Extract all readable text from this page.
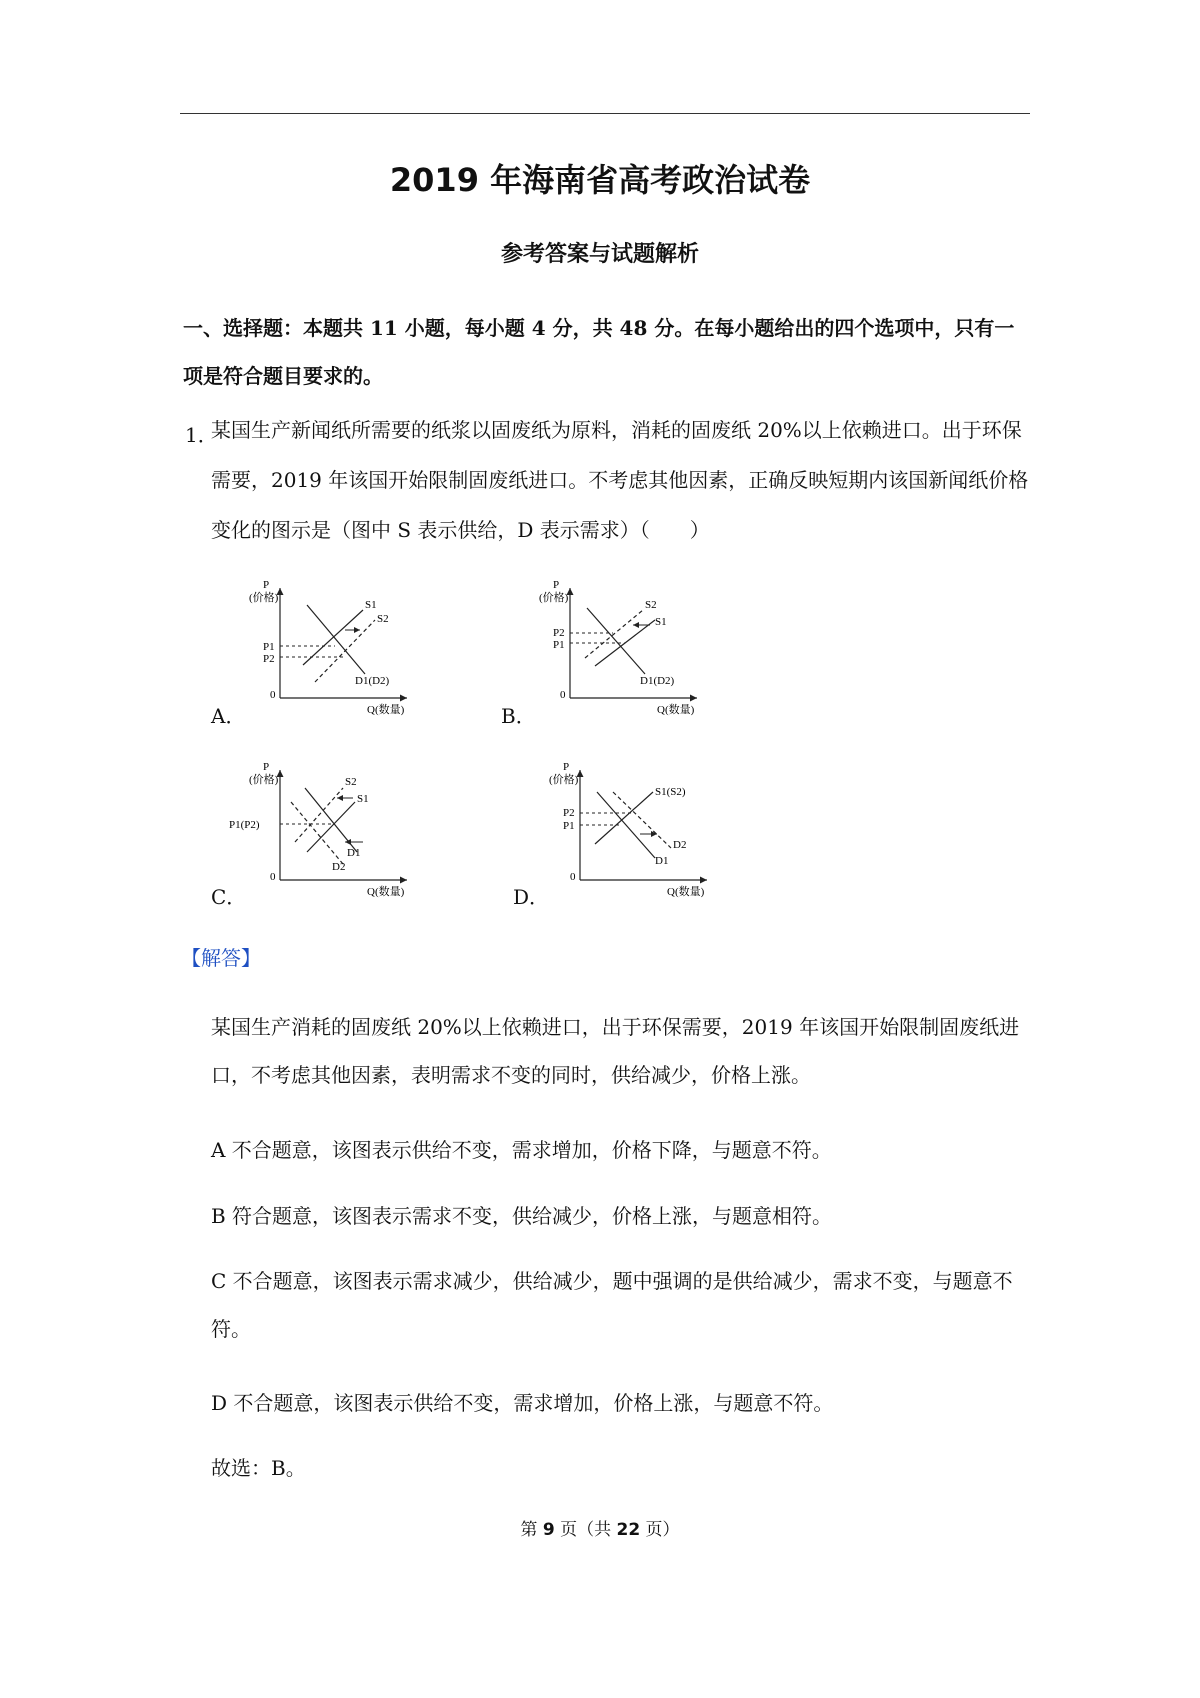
2019 年海南省高考政治试卷
参考答案与试题解析
一、选择题：本题共 11 小题，每小题 4 分，共 48 分。在每小题给出的四个选项中，只有一项是符合题目要求的。
1．
某国生产新闻纸所需要的纸浆以固废纸为原料，消耗的固废纸 20%以上依赖进口。出于环保需要，2019 年该国开始限制固废纸进口。不考虑其他因素，正确反映短期内该国新闻纸价格变化的图示是（图中 S 表示供给，D 表示需求）（　　）
A．
P
(价格)
0
Q(数量)
P1
P2
S1
S2
D1(D2)
B．
P
(价格)
0
Q(数量)
P2
P1
S2
S1
D1(D2)
C．
P
(价格)
0
Q(数量)
P1(P2)
S2
S1
D1
D2
D．
P
(价格)
0
Q(数量)
P2
P1
S1(S2)
D2
D1
【解答】
某国生产消耗的固废纸 20%以上依赖进口，出于环保需要，2019 年该国开始限制固废纸进口，不考虑其他因素，表明需求不变的同时，供给减少，价格上涨。
A 不合题意，该图表示供给不变，需求增加，价格下降，与题意不符。
B 符合题意，该图表示需求不变，供给减少，价格上涨，与题意相符。
C 不合题意，该图表示需求减少，供给减少，题中强调的是供给减少，需求不变，与题意不符。
D 不合题意，该图表示供给不变，需求增加，价格上涨，与题意不符。
故选：B。
第 9 页（共 22 页）
